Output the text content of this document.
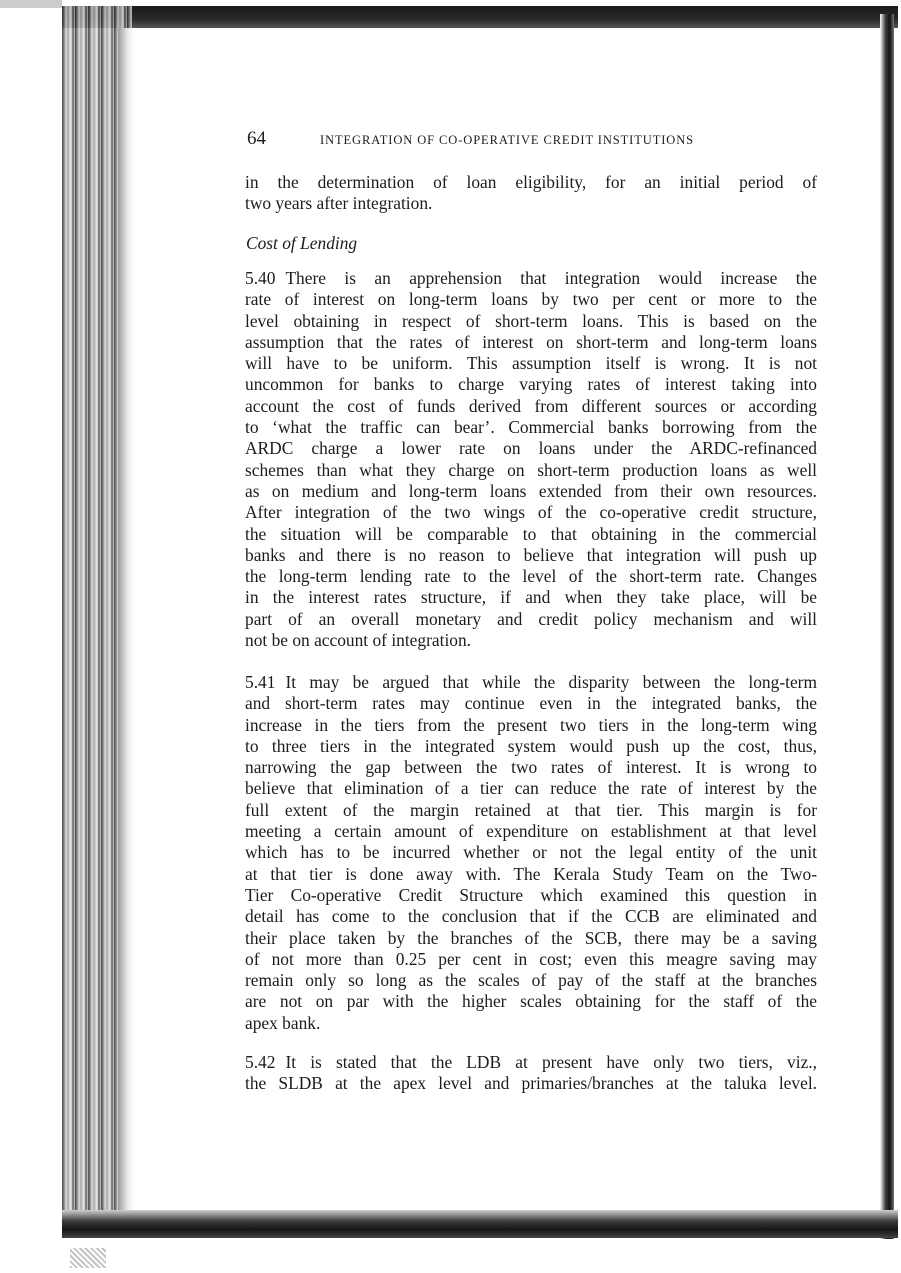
64	INTEGRATION OF CO-OPERATIVE CREDIT INSTITUTIONS
in the determination of loan eligibility, for an initial period of
two years after integration.
Cost of Lending
5.40 There is an apprehension that integration would increase the
rate of interest on long-term loans by two per cent or more to the
level obtaining in respect of short-term loans. This is based on the
assumption that the rates of interest on short-term and long-term loans
will have to be uniform. This assumption itself is wrong. It is not
uncommon for banks to charge varying rates of interest taking into
account the cost of funds derived from different sources or according
to ‘what the traffic can bear’. Commercial banks borrowing from the
ARDC charge a lower rate on loans under the ARDC-refinanced
schemes than what they charge on short-term production loans as well
as on medium and long-term loans extended from their own resources.
After integration of the two wings of the co-operative credit structure,
the situation will be comparable to that obtaining in the commercial
banks and there is no reason to believe that integration will push up
the long-term lending rate to the level of the short-term rate. Changes
in the interest rates structure, if and when they take place, will be
part of an overall monetary and credit policy mechanism and will
not be on account of integration.
5.41 It may be argued that while the disparity between the long-term
and short-term rates may continue even in the integrated banks, the
increase in the tiers from the present two tiers in the long-term wing
to three tiers in the integrated system would push up the cost, thus,
narrowing the gap between the two rates of interest. It is wrong to
believe that elimination of a tier can reduce the rate of interest by the
full extent of the margin retained at that tier. This margin is for
meeting a certain amount of expenditure on establishment at that level
which has to be incurred whether or not the legal entity of the unit
at that tier is done away with. The Kerala Study Team on the Two-
Tier Co-operative Credit Structure which examined this question in
detail has come to the conclusion that if the CCB are eliminated and
their place taken by the branches of the SCB, there may be a saving
of not more than 0.25 per cent in cost; even this meagre saving may
remain only so long as the scales of pay of the staff at the branches
are not on par with the higher scales obtaining for the staff of the
apex bank.
5.42 It is stated that the LDB at present have only two tiers, viz.,
the SLDB at the apex level and primaries/branches at the taluka level.
